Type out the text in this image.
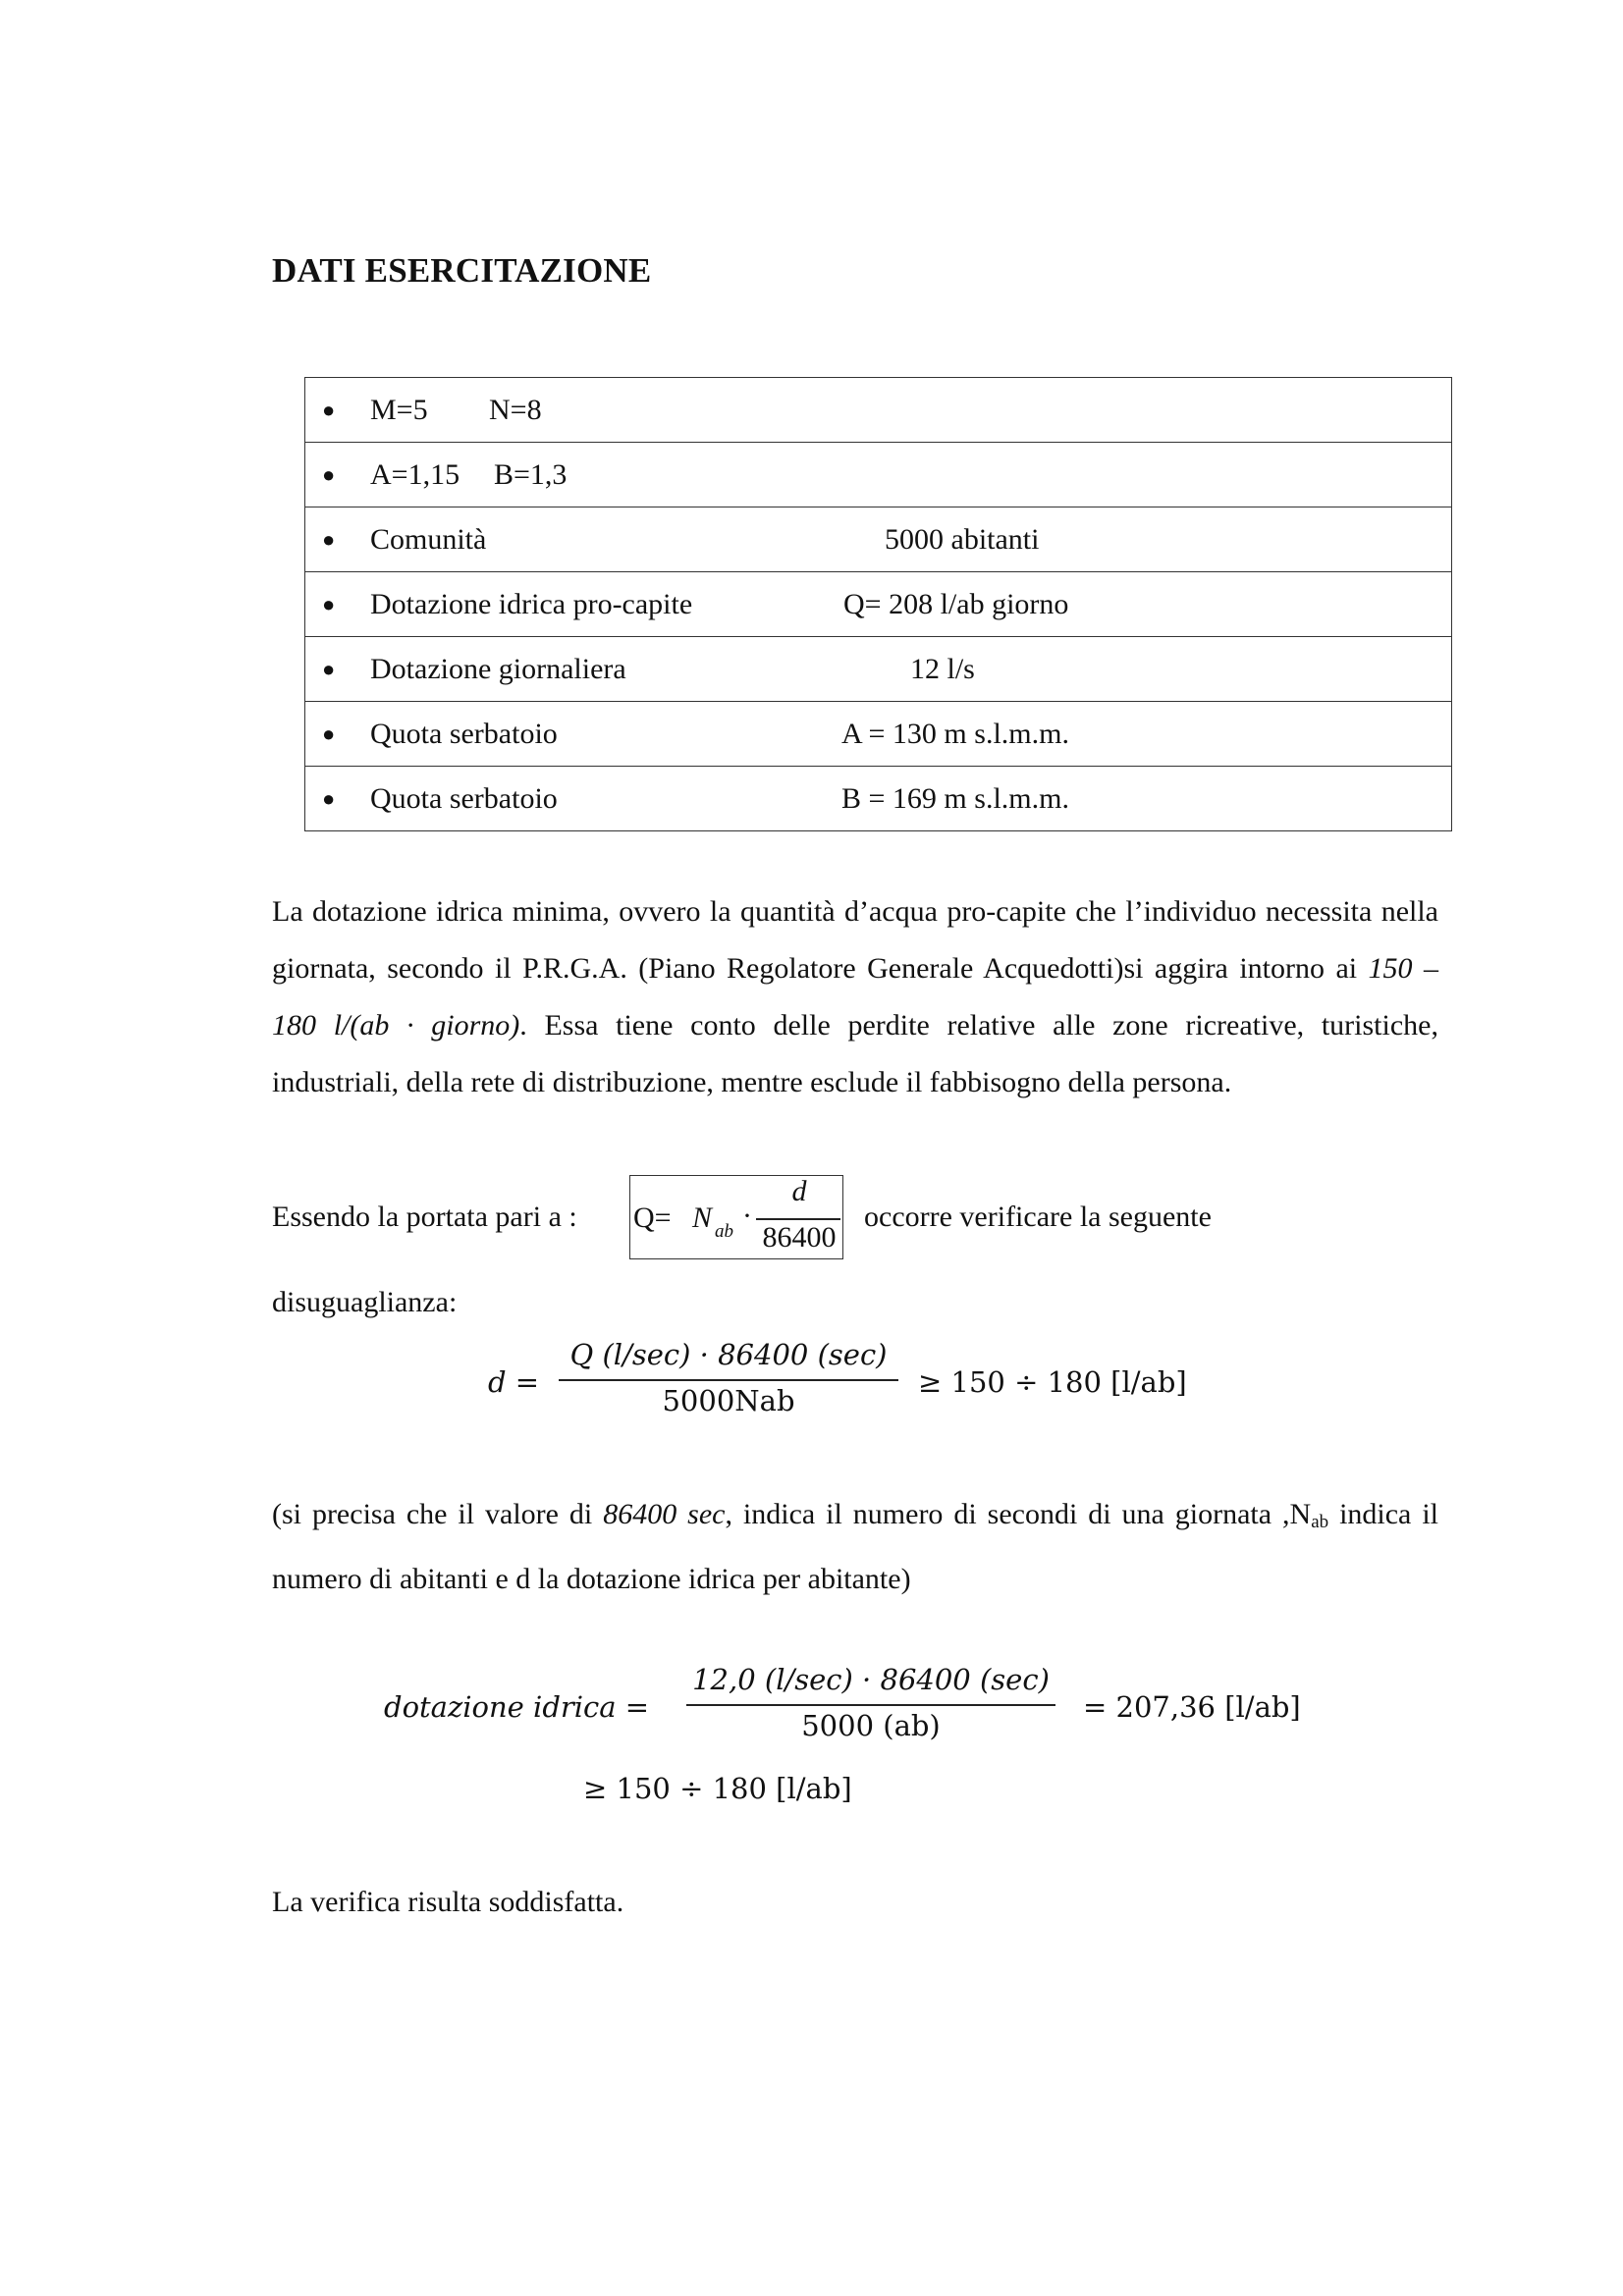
DATI ESERCITAZIONE
● M=5 N=8

● A=1,15 B=1,3

● Comunità	5000 abitanti

● Dotazione idrica pro-capite	Q= 208 l/ab giorno

● Dotazione giornaliera	12 l/s

● Quota serbatoio	A = 130 m s.l.m.m.

● Quota serbatoio	B = 169 m s.l.m.m.

La dotazione idrica minima, ovvero la quantità d’acqua pro-capite che l’individuo necessita nella giornata, secondo il P.R.G.A. (Piano Regolatore Generale Acquedotti)si aggira intorno ai 150 – 180 l/(ab · giorno). Essa tiene conto delle perdite relative alle zone ricreative, turistiche, industriali, della rete di distribuzione, mentre esclude il fabbisogno della persona.

Essendo la portata pari a : Q= N ab ·
d
86400
occorre verificare la seguente
disuguaglianza:
d =
Q (l/sec) · 86400 (sec)
5000Nab
≥ 150 ÷ 180 [l/ab]

(si precisa che il valore di 86400 sec, indica il numero di secondi di una giornata $,N_{ab}$ indica il numero di abitanti e d la dotazione idrica per abitante)

dotazione idrica =
12,0 (l/sec) · 86400 (sec)
5000 (ab)
= 207,36 [l/ab]
≥ 150 ÷ 180 [l/ab]
La verifica risulta soddisfatta.
